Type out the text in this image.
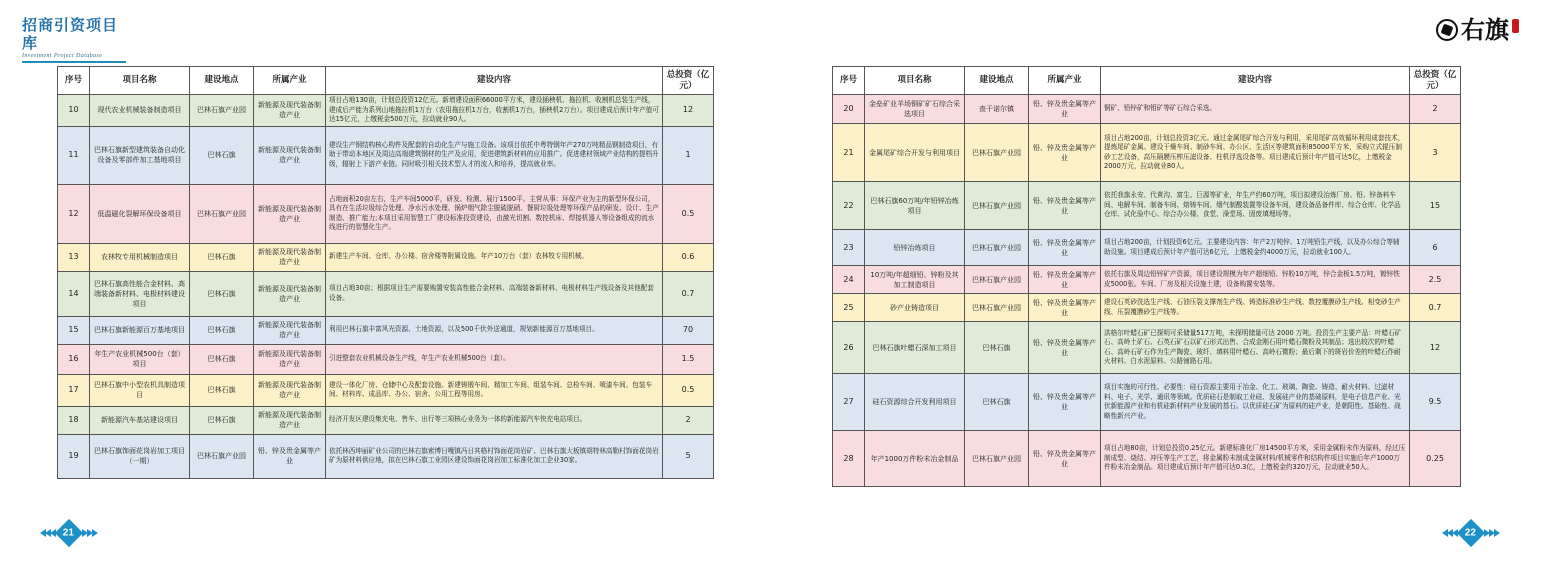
招商引资项目库
Investment Project Database
右旗
序号	项目名称	建设地点	所属产业	建设内容	总投资（亿元）
10	现代农业机械装备制造项目	巴林石旗产业园	新能源及现代装备制造产业	项目占地130亩，计划总投资12亿元。新增建设面积66000平方米，建设插秧机、拖拉机、收割机总装生产线，建成后产能为系列山地拖拉机1万台（农用拖拉机1万台，收割机1万台，插秧机2万台）。项目建成后预计年产值可达15亿元，上缴税金500万元，拉动就业90人。	12
11	巴林石旗新型建筑装备自动化设备及零部件加工基地项目	巴林石旗	新能源及现代装备制造产业	建设生产钢结构核心构件及配套的自动化生产与施工设备。该项目依托中粤特钢年产270万吨精品钢制造项目，有助于带动本地区及周边高端建筑钢材的生产及应用，促进建筑新材料的应用推广。促进建材领域产业结构的提档升级，辐射上下游产业链。同时吸引相关技术型人才的流入和培养，提高就业率。	1
12	低温磁化裂解环保设备项目	巴林石旗产业园	新能源及现代装备制造产业	占地面积20亩左右，生产车间5000平，研发、检测、展厅1500平。主营从事：环保产业为主的新型环保公司，具有在生活垃圾综合处理、净水污水处理、锅炉烟气除尘脱硫脱硝、餐厨垃圾处理等环保产品的研发、设计、生产制造、推广能力;本项目采用智慧工厂建设标准投资建设，由激光切割、数控机床、焊接机器人等设备组成的流水线进行的智慧化生产。	0.5
13	农林牧专用机械制造项目	巴林石旗	新能源及现代装备制造产业	新建生产车间、仓库、办公楼、宿舍楼等附属设施。年产10万台（套）农林牧专用机械。	0.6
14	巴林石旗高性能合金材料、高端装备新材料、电极材料建设项目	巴林石旗	新能源及现代装备制造产业	项目占地30亩；根据项目生产需要购置安装高性能合金材料、高端装备新材料、电极材料生产线设备及其他配套设备。	0.7
15	巴林石旗新能源百万基地项目	巴林石旗	新能源及现代装备制造产业	利用巴林石旗丰富风光资源、土地资源，以及500千伏外送通道，规划新能源百万基地项目。	70
16	年生产农业机械500台（套）项目	巴林石旗	新能源及现代装备制造产业	引进整套农业机械设备生产线，年生产农业机械500台（套）。	1.5
17	巴林石旗中小型农机具制造项目	巴林石旗	新能源及现代装备制造产业	建设一体化厂房、仓储中心及配套设施。新建铸锻车间、精加工车间、组装车间、总检车间、喷漆车间、包装车间、材料库、成品库、办公、宿舍、公用工程等用房。	0.5
18	新能源汽车基站建设项目	巴林石旗	新能源及现代装备制造产业	经济开发区建设集充电、售车、出行等三项核心业务为一体的新能源汽车快充电站项目。	2
19	巴林石旗饰面花岗岩加工项目（一期）	巴林石旗产业园	铅、锌及贵金属等产业	依托林西坤丽矿业公司的巴林右旗索博日嘎镇冯日其格村饰面花岗岩矿、巴林右旗大板镇胡特林高勒村饰面花岗岩矿为原材料供应地，拟在巴林石旗工业园区建设饰面花岗岩加工标准化加工企业30家。	5
序号	项目名称	建设地点	所属产业	建设内容	总投资（亿元）
20	金垒矿业羊场铜矿矿石综合采选项目	查干诺尔镇	铅、锌及贵金属等产业	铜矿、铅锌矿和钼矿等矿石综合采选。	2
21	金属尾矿综合开发与利用项目	巴林石旗产业园	铅、锌及贵金属等产业	项目占地200亩，计划总投资3亿元。通过金属尾矿综合开发与利用，采用尾矿高效循环利用成套技术，提炼尾矿金属。建设干燥车间、制砂车间、办公区、生活区等建筑面积85000平方米，采购立式辊压制砂工艺设备，高压隔膜压榨压滤设备、柱机浮选设备等。项目建成后预计年产值可达5亿，上缴税金2000万元，拉动就业80人。	3
22	巴林石旗60万吨/年铅锌冶炼项目	巴林石旗产业园	铅、锌及贵金属等产业	依托我旗永安、代黄沟、富生、巨源等矿业，年生产约60万吨，项目拟建设冶炼厂房、铅、锌备料车间、电解车间、制备车间、熔铸车间、烟气制酸装置等设备车间，建设备品备件库、综合仓库、化学品仓库、试化验中心、综合办公楼、食堂、澡堂场、固废填埋场等。	15
23	铅锌冶炼项目	巴林石旗产业园	铅、锌及贵金属等产业	项目占地200亩，计划投资6亿元。主要建设内容：年产2万吨锌、1万吨铅生产线，以及办公综合等辅助设施。项目建成后预计年产值可达6亿元，上缴税金约4000万元，拉动就业100人。	6
24	10万吨/年超细铅、锌粉及其加工制造项目	巴林石旗产业园	铅、锌及贵金属等产业	依托右旗及周边铅锌矿产资源，项目建设规模为年产超细铅、锌粉10万吨，锌合金板1.5万吨，镀锌铁皮5000张。车间、厂房及相关设施土建，设备购置安装等。	2.5
25	砂产业铸造项目	巴林石旗产业园	铅、锌及贵金属等产业	建设石英砂洗选生产线、石油压裂支撑剂生产线、铸造标准砂生产线、数控覆膜砂生产线、相变砂生产线、压裂覆膜砂生产线等。	0.7
26	巴林石旗叶蜡石深加工项目	巴林石旗	铅、锌及贵金属等产业	洪格尔叶蜡石矿已探明可采储量517万吨，未探明储量可达 2000 万吨。投资生产主要产品：叶蜡石矿石、高岭土矿石、石英石矿石以矿石形式出售、合成金刚石用叶蜡石微粉及其制品；选出较次的叶蜡石、高岭石矿石作为生产陶瓷、玻纤、填料用叶蜡石、高岭石微粉；最后剩下的斑岩价差的叶蜡石作耐火材料、白水泥原料、公路铺路石用。	12
27	硅石资源综合开发利用项目	巴林石旗	铅、锌及贵金属等产业	项目实施的可行性、必要性：硅石资源主要用于冶金、化工、玻璃、陶瓷、铸造、耐火材料、过滤材料、电子、光学、通讯等领域。优质硅石是制取工业硅、发展硅产业的基础原料，是电子信息产业、光伏新能源产业和有机硅新材料产业发展的基石。以优质硅石矿为原料的硅产业，是朝阳性、基础性、战略性新兴产业。	9.5
28	年产1000万件粉末冶金制品	巴林石旗产业园	铅、锌及贵金属等产业	项目占地80亩，计划总投资0.25亿元。新建标准化厂房14500平方米，采用金属粉末作为原料，经过压制成型、烧结、冲压等生产工艺，将金属粉末制成金属材料/机械零件和结构件项目实施后年产1000万件粉末冶金制品。项目建成后预计年产值可达0.3亿，上缴税金约320万元，拉动就业50人。	0.25
21	22
